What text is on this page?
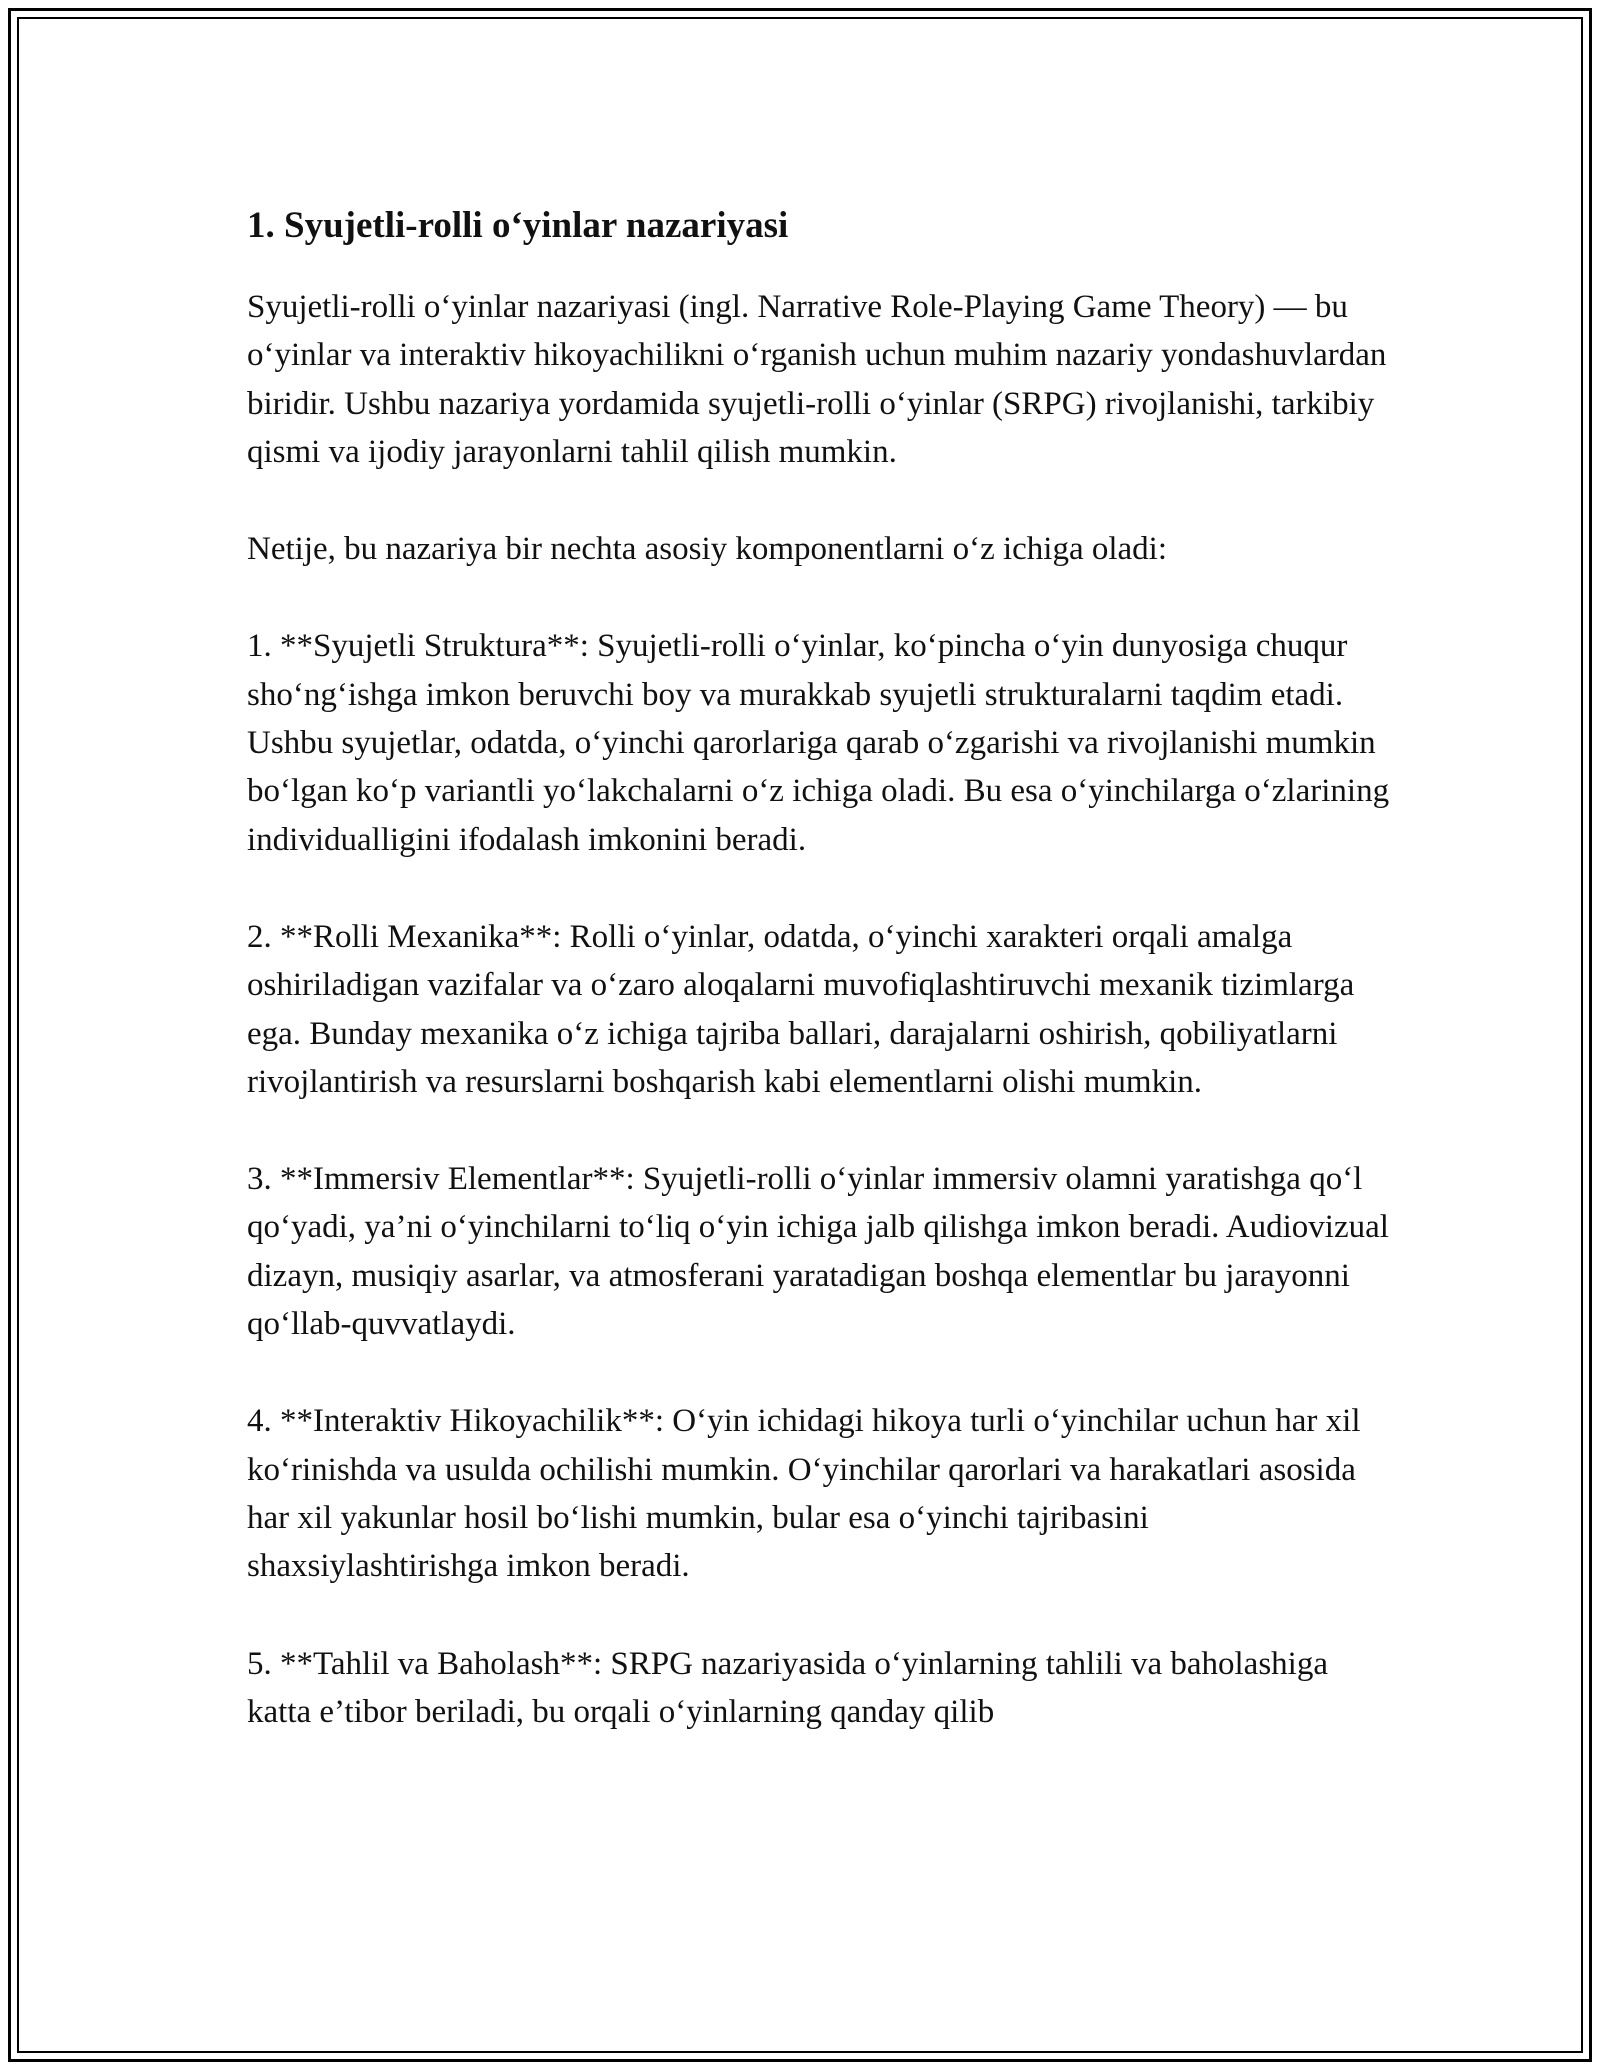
1. Syujetli-rolli o‘yinlar nazariyasi

Syujetli-rolli o‘yinlar nazariyasi (ingl. Narrative Role-Playing Game Theory) — bu o‘yinlar va interaktiv hikoyachilikni o‘rganish uchun muhim nazariy yondashuvlardan biridir. Ushbu nazariya yordamida syujetli-rolli o‘yinlar (SRPG) rivojlanishi, tarkibiy qismi va ijodiy jarayonlarni tahlil qilish mumkin.

Netije, bu nazariya bir nechta asosiy komponentlarni o‘z ichiga oladi:

1. **Syujetli Struktura**: Syujetli-rolli o‘yinlar, ko‘pincha o‘yin dunyosiga chuqur sho‘ng‘ishga imkon beruvchi boy va murakkab syujetli strukturalarni taqdim etadi. Ushbu syujetlar, odatda, o‘yinchi qarorlariga qarab o‘zgarishi va rivojlanishi mumkin bo‘lgan ko‘p variantli yo‘lakchalarni o‘z ichiga oladi. Bu esa o‘yinchilarga o‘zlarining individualligini ifodalash imkonini beradi.

2. **Rolli Mexanika**: Rolli o‘yinlar, odatda, o‘yinchi xarakteri orqali amalga oshiriladigan vazifalar va o‘zaro aloqalarni muvofiqlashtiruvchi mexanik tizimlarga ega. Bunday mexanika o‘z ichiga tajriba ballari, darajalarni oshirish, qobiliyatlarni rivojlantirish va resurslarni boshqarish kabi elementlarni olishi mumkin.

3. **Immersiv Elementlar**: Syujetli-rolli o‘yinlar immersiv olamni yaratishga qo‘l qo‘yadi, ya’ni o‘yinchilarni to‘liq o‘yin ichiga jalb qilishga imkon beradi. Audiovizual dizayn, musiqiy asarlar, va atmosferani yaratadigan boshqa elementlar bu jarayonni qo‘llab-quvvatlaydi.

4. **Interaktiv Hikoyachilik**: O‘yin ichidagi hikoya turli o‘yinchilar uchun har xil ko‘rinishda va usulda ochilishi mumkin. O‘yinchilar qarorlari va harakatlari asosida har xil yakunlar hosil bo‘lishi mumkin, bular esa o‘yinchi tajribasini shaxsiylashtirishga imkon beradi.

5. **Tahlil va Baholash**: SRPG nazariyasida o‘yinlarning tahlili va baholashiga katta e’tibor beriladi, bu orqali o‘yinlarning qanday qilib
